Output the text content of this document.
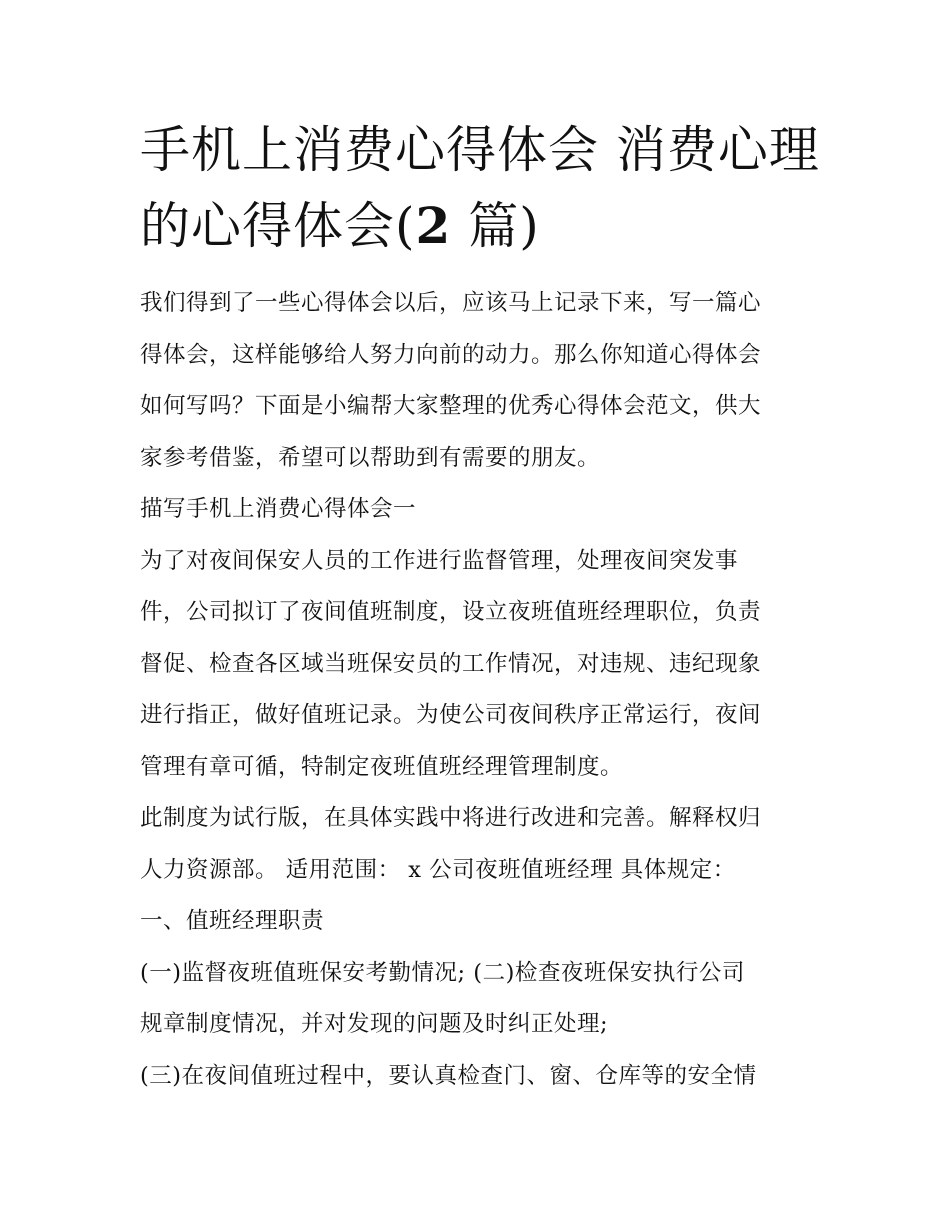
手机上消费心得体会 消费心理
的心得体会(2 篇)
我们得到了一些心得体会以后，应该马上记录下来，写一篇心
得体会，这样能够给人努力向前的动力。那么你知道心得体会
如何写吗？下面是小编帮大家整理的优秀心得体会范文，供大
家参考借鉴，希望可以帮助到有需要的朋友。
描写手机上消费心得体会一
为了对夜间保安人员的工作进行监督管理，处理夜间突发事
件，公司拟订了夜间值班制度，设立夜班值班经理职位，负责
督促、检查各区域当班保安员的工作情况，对违规、违纪现象
进行指正，做好值班记录。为使公司夜间秩序正常运行，夜间
管理有章可循，特制定夜班值班经理管理制度。
此制度为试行版，在具体实践中将进行改进和完善。解释权归
人力资源部。 适用范围： x 公司夜班值班经理 具体规定：
一、值班经理职责
(一)监督夜班值班保安考勤情况; (二)检查夜班保安执行公司
规章制度情况，并对发现的问题及时纠正处理;
(三)在夜间值班过程中，要认真检查门、窗、仓库等的安全情
